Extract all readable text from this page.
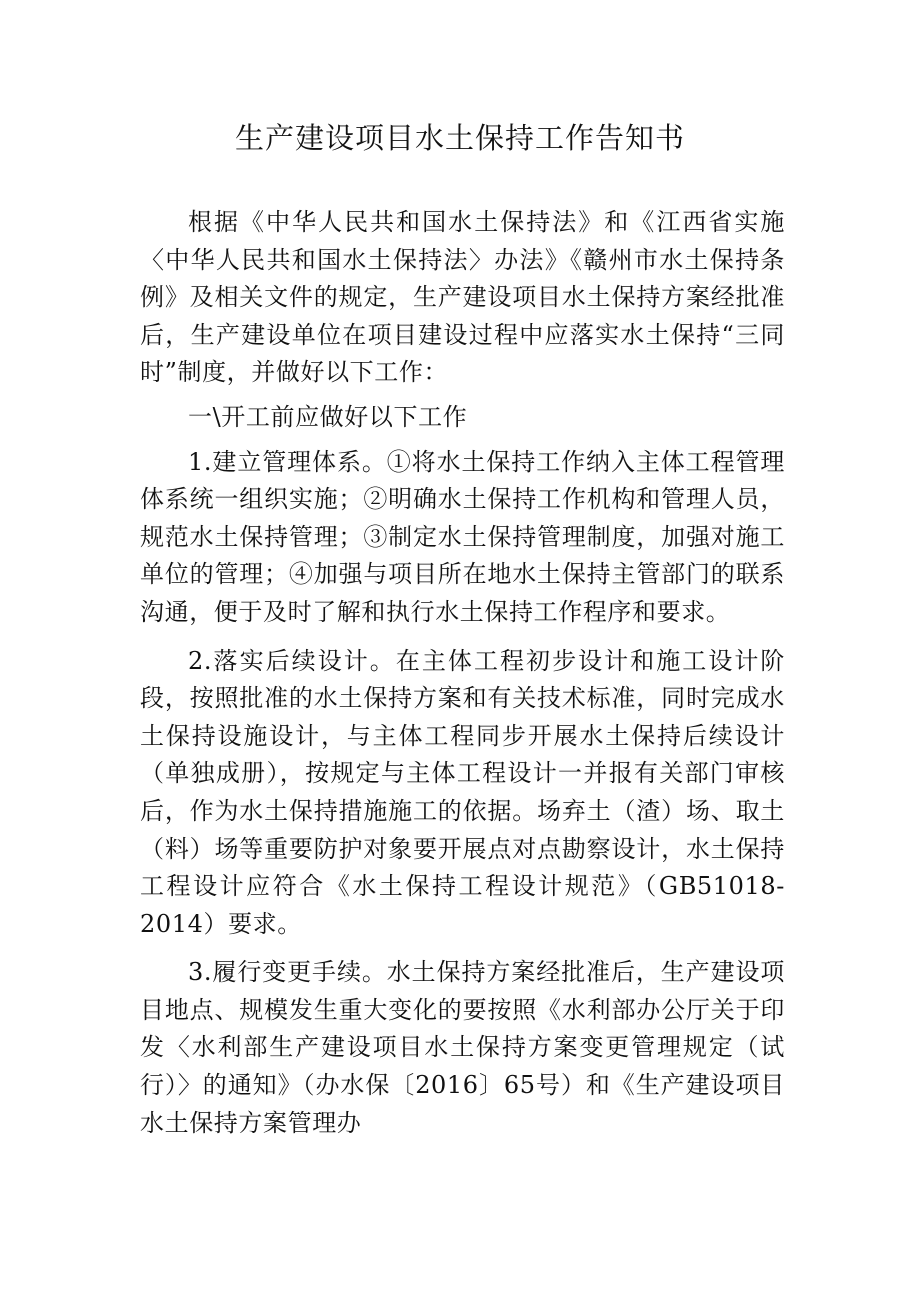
生产建设项目水土保持工作告知书

根据《中华人民共和国水土保持法》和《江西省实施〈中华人民共和国水土保持法〉办法》《赣州市水土保持条例》及相关文件的规定，生产建设项目水土保持方案经批准后，生产建设单位在项目建设过程中应落实水土保持“三同时”制度，并做好以下工作：

一\开工前应做好以下工作

1.建立管理体系。①将水土保持工作纳入主体工程管理体系统一组织实施；②明确水土保持工作机构和管理人员，规范水土保持管理；③制定水土保持管理制度，加强对施工单位的管理；④加强与项目所在地水土保持主管部门的联系沟通，便于及时了解和执行水土保持工作程序和要求。

2.落实后续设计。在主体工程初步设计和施工设计阶段，按照批准的水土保持方案和有关技术标准，同时完成水土保持设施设计，与主体工程同步开展水土保持后续设计（单独成册），按规定与主体工程设计一并报有关部门审核后，作为水土保持措施施工的依据。场弃土（渣）场、取土（料）场等重要防护对象要开展点对点勘察设计，水土保持工程设计应符合《水土保持工程设计规范》（GB51018-2014）要求。

3.履行变更手续。水土保持方案经批准后，生产建设项目地点、规模发生重大变化的要按照《水利部办公厅关于印发〈水利部生产建设项目水土保持方案变更管理规定（试行）〉的通知》（办水保〔2016〕65号）和《生产建设项目水土保持方案管理办
